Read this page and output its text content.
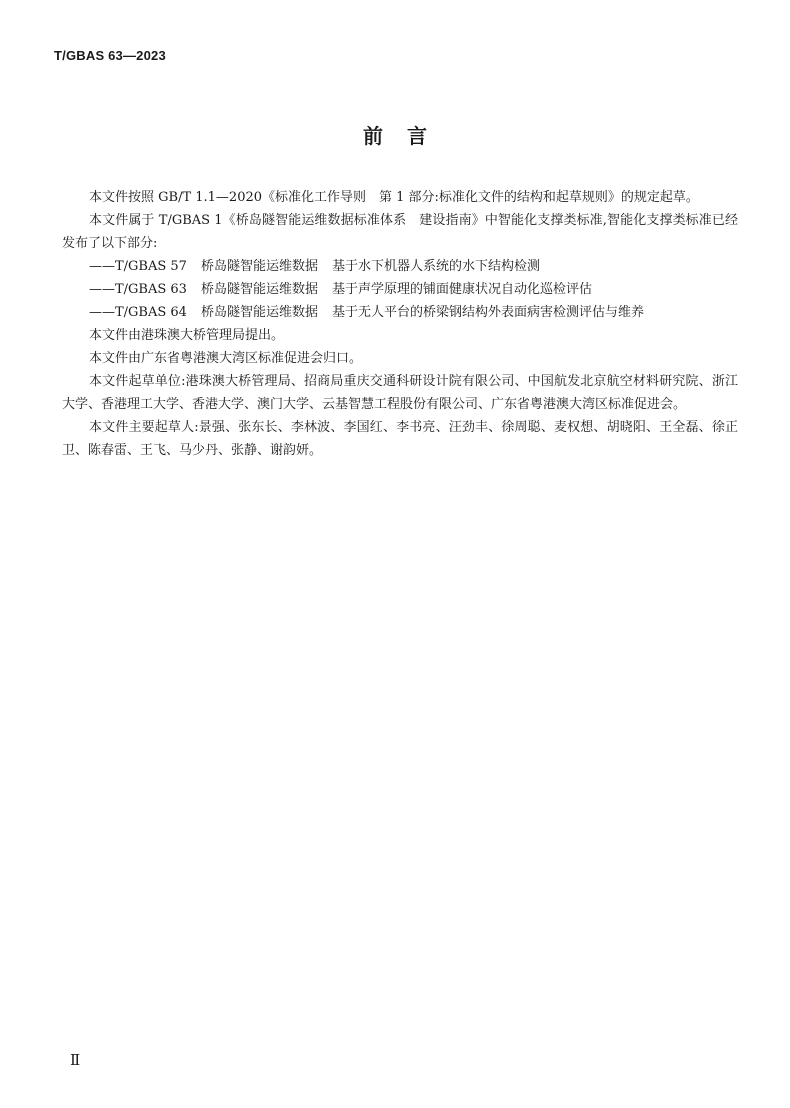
T/GBAS 63—2023
前言

本文件按照 GB/T 1.1—2020《标准化工作导则　第 1 部分:标准化文件的结构和起草规则》的规定起草。

本文件属于 T/GBAS 1《桥岛隧智能运维数据标准体系　建设指南》中智能化支撑类标准,智能化支撑类标准已经发布了以下部分:

——T/GBAS 57 桥岛隧智能运维数据 基于水下机器人系统的水下结构检测
——T/GBAS 63 桥岛隧智能运维数据 基于声学原理的铺面健康状况自动化巡检评估
——T/GBAS 64 桥岛隧智能运维数据 基于无人平台的桥梁钢结构外表面病害检测评估与维养

本文件由港珠澳大桥管理局提出。

本文件由广东省粤港澳大湾区标准促进会归口。

本文件起草单位:港珠澳大桥管理局、招商局重庆交通科研设计院有限公司、中国航发北京航空材料研究院、浙江大学、香港理工大学、香港大学、澳门大学、云基智慧工程股份有限公司、广东省粤港澳大湾区标准促进会。

本文件主要起草人:景强、张东长、李林波、李国红、李书亮、汪劲丰、徐周聪、麦权想、胡晓阳、王全磊、徐正卫、陈春雷、王飞、马少丹、张静、谢韵妍。

Ⅱ
